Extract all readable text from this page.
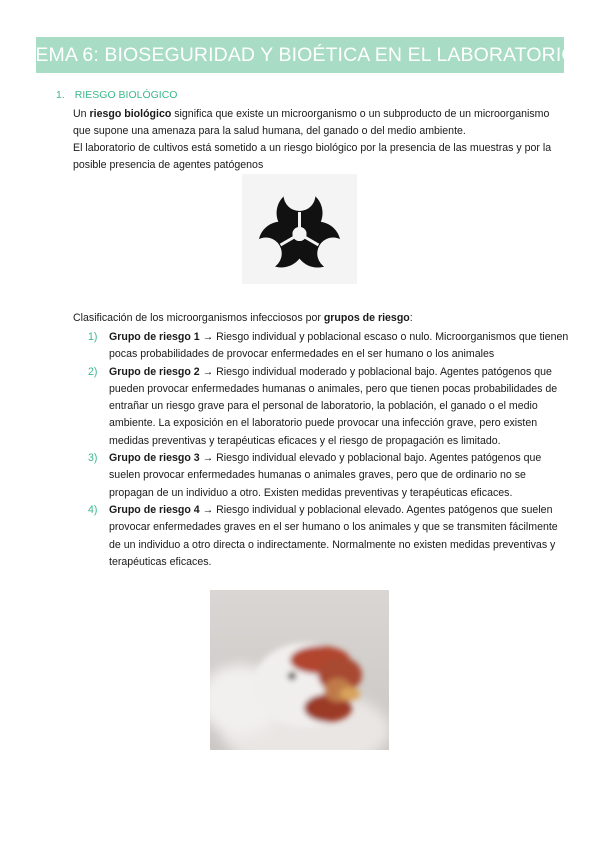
TEMA 6: BIOSEGURIDAD Y BIOÉTICA EN EL LABORATORIO
1. RIESGO BIOLÓGICO
Un riesgo biológico significa que existe un microorganismo o un subproducto de un microorganismo que supone una amenaza para la salud humana, del ganado o del medio ambiente.
El laboratorio de cultivos está sometido a un riesgo biológico por la presencia de las muestras y por la posible presencia de agentes patógenos
Clasificación de los microorganismos infecciosos por grupos de riesgo:
1) Grupo de riesgo 1 → Riesgo individual y poblacional escaso o nulo. Microorganismos que tienen pocas probabilidades de provocar enfermedades en el ser humano o los animales
2) Grupo de riesgo 2 → Riesgo individual moderado y poblacional bajo. Agentes patógenos que pueden provocar enfermedades humanas o animales, pero que tienen pocas probabilidades de entrañar un riesgo grave para el personal de laboratorio, la población, el ganado o el medio ambiente. La exposición en el laboratorio puede provocar una infección grave, pero existen medidas preventivas y terapéuticas eficaces y el riesgo de propagación es limitado.
3) Grupo de riesgo 3 → Riesgo individual elevado y poblacional bajo. Agentes patógenos que suelen provocar enfermedades humanas o animales graves, pero que de ordinario no se propagan de un individuo a otro. Existen medidas preventivas y terapéuticas eficaces.
4) Grupo de riesgo 4 → Riesgo individual y poblacional elevado. Agentes patógenos que suelen provocar enfermedades graves en el ser humano o los animales y que se transmiten fácilmente de un individuo a otro directa o indirectamente. Normalmente no existen medidas preventivas y terapéuticas eficaces.
